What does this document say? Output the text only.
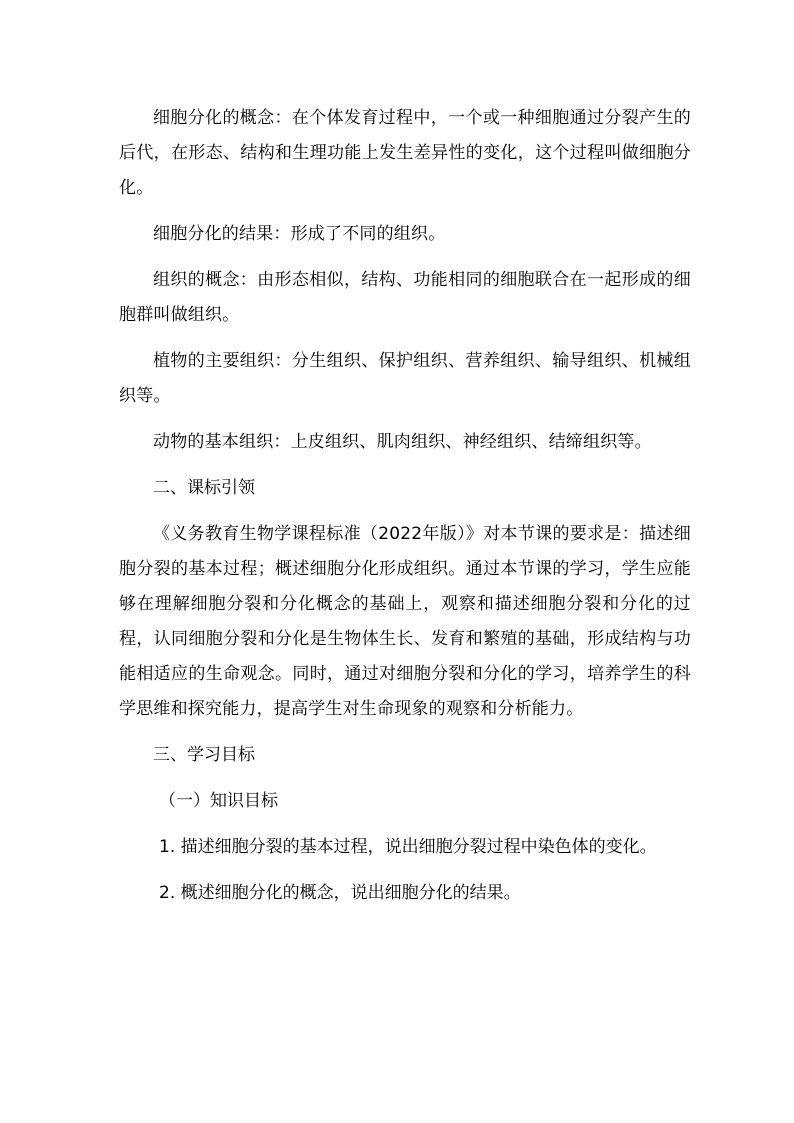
细胞分化的概念：在个体发育过程中，一个或一种细胞通过分裂产生的后代，在形态、结构和生理功能上发生差异性的变化，这个过程叫做细胞分化。

细胞分化的结果：形成了不同的组织。

组织的概念：由形态相似，结构、功能相同的细胞联合在一起形成的细胞群叫做组织。

植物的主要组织：分生组织、保护组织、营养组织、输导组织、机械组织等。

动物的基本组织：上皮组织、肌肉组织、神经组织、结缔组织等。

二、课标引领

《义务教育生物学课程标准（2022年版）》对本节课的要求是：描述细胞分裂的基本过程；概述细胞分化形成组织。通过本节课的学习，学生应能够在理解细胞分裂和分化概念的基础上，观察和描述细胞分裂和分化的过程，认同细胞分裂和分化是生物体生长、发育和繁殖的基础，形成结构与功能相适应的生命观念。同时，通过对细胞分裂和分化的学习，培养学生的科学思维和探究能力，提高学生对生命现象的观察和分析能力。

三、学习目标

（一）知识目标

1. 描述细胞分裂的基本过程，说出细胞分裂过程中染色体的变化。

2. 概述细胞分化的概念，说出细胞分化的结果。
